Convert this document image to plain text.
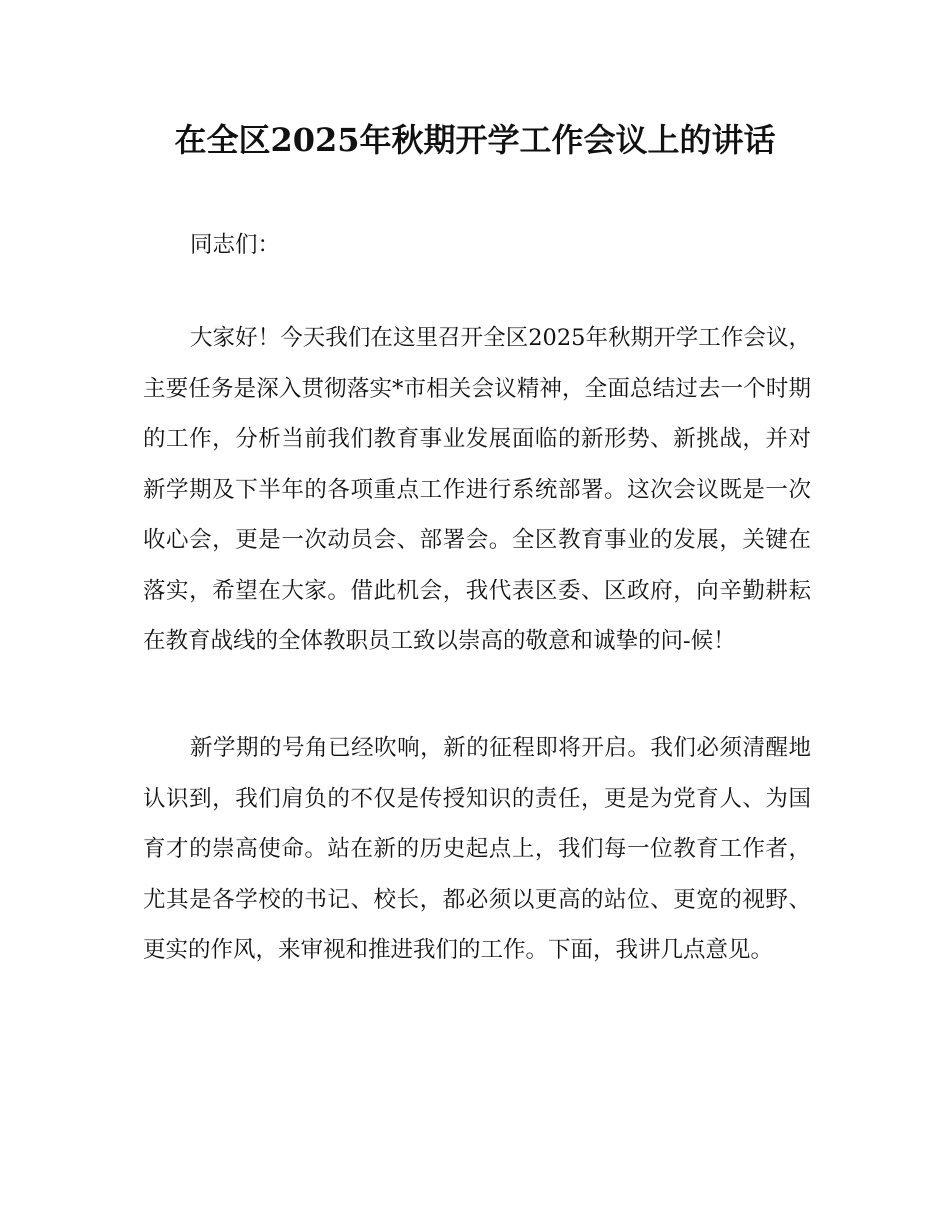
在全区2025年秋期开学工作会议上的讲话

同志们：

大家好！今天我们在这里召开全区2025年秋期开学工作会议，主要任务是深入贯彻落实*市相关会议精神，全面总结过去一个时期的工作，分析当前我们教育事业发展面临的新形势、新挑战，并对新学期及下半年的各项重点工作进行系统部署。这次会议既是一次收心会，更是一次动员会、部署会。全区教育事业的发展，关键在落实，希望在大家。借此机会，我代表区委、区政府，向辛勤耕耘在教育战线的全体教职员工致以崇高的敬意和诚挚的问-候！

新学期的号角已经吹响，新的征程即将开启。我们必须清醒地认识到，我们肩负的不仅是传授知识的责任，更是为党育人、为国育才的崇高使命。站在新的历史起点上，我们每一位教育工作者，尤其是各学校的书记、校长，都必须以更高的站位、更宽的视野、更实的作风，来审视和推进我们的工作。下面，我讲几点意见。
